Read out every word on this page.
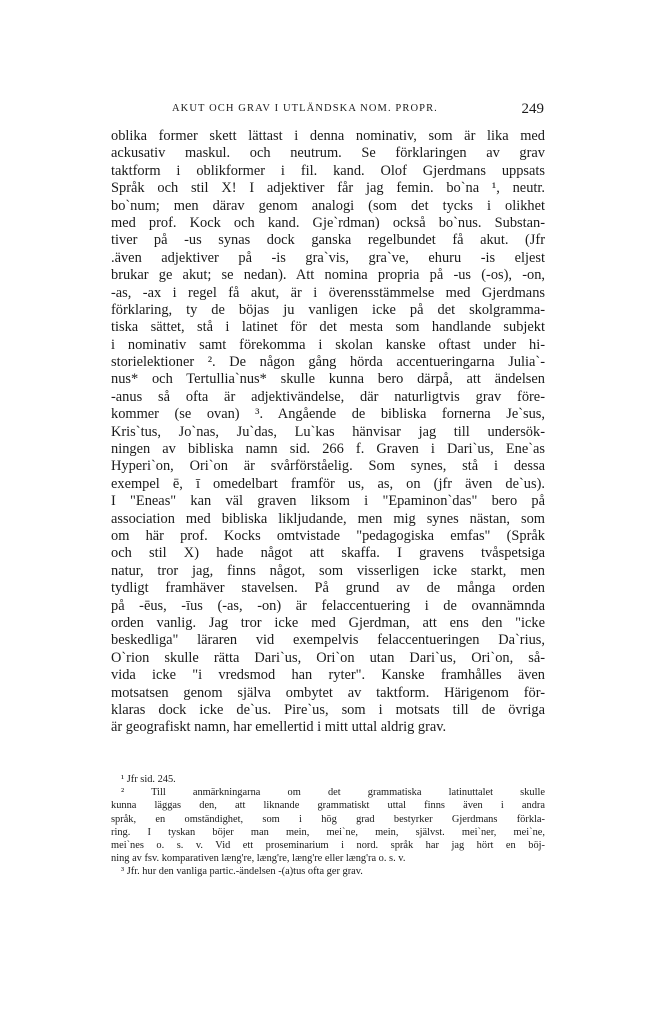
AKUT OCH GRAV I UTLÄNDSKA NOM. PROPR.	249
oblika former skett lättast i denna nominativ, som är lika med
ackusativ maskul. och neutrum. Se förklaringen av grav
taktform i oblikformer i fil. kand. Olof Gjerdmans uppsats
Språk och stil X! I adjektiver får jag femin. bo`na ¹, neutr.
bo`num; men därav genom analogi (som det tycks i olikhet
med prof. Kock och kand. Gje`rdman) också bo`nus. Substan-
tiver på -us synas dock ganska regelbundet få akut. (Jfr
.även adjektiver på -is gra`vis, gra`ve, ehuru -is eljest
brukar ge akut; se nedan). Att nomina propria på -us (-os), -on,
-as, -ax i regel få akut, är i överensstämmelse med Gjerdmans
förklaring, ty de böjas ju vanligen icke på det skolgramma-
tiska sättet, stå i latinet för det mesta som handlande subjekt
i nominativ samt förekomma i skolan kanske oftast under hi-
storielektioner ². De någon gång hörda accentueringarna Julia`-
nus* och Tertullia`nus* skulle kunna bero därpå, att ändelsen
-anus så ofta är adjektivändelse, där naturligtvis grav före-
kommer (se ovan) ³. Angående de bibliska fornerna Je`sus,
Kris`tus, Jo`nas, Ju`das, Lu`kas hänvisar jag till undersök-
ningen av bibliska namn sid. 266 f. Graven i Dari`us, Ene`as
Hyperi`on, Ori`on är svårförståelig. Som synes, stå i dessa
exempel ē, ī omedelbart framför us, as, on (jfr även de`us).
I "Eneas" kan väl graven liksom i "Epaminon`das" bero på
association med bibliska likljudande, men mig synes nästan, som
om här prof. Kocks omtvistade "pedagogiska emfas" (Språk
och stil X) hade något att skaffa. I gravens tvåspetsiga
natur, tror jag, finns något, som visserligen icke starkt, men
tydligt framhäver stavelsen. På grund av de många orden
på -ēus, -īus (-as, -on) är felaccentuering i de ovannämnda
orden vanlig. Jag tror icke med Gjerdman, att ens den "icke
beskedliga" läraren vid exempelvis felaccentueringen Da`rius,
O`rion skulle rätta Dari`us, Ori`on utan Dari`us, Ori`on, så-
vida icke "i vredsmod han ryter". Kanske framhålles även
motsatsen genom själva ombytet av taktform. Härigenom för-
klaras dock icke de`us. Pire`us, som i motsats till de övriga
är geografiskt namn, har emellertid i mitt uttal aldrig grav.
¹ Jfr sid. 245.
² Till anmärkningarna om det grammatiska latinuttalet skulle
kunna läggas den, att liknande grammatiskt uttal finns även i andra
språk, en omständighet, som i hög grad bestyrker Gjerdmans förkla-
ring. I tyskan böjer man mein, mei`ne, mein, självst. mei`ner, mei`ne,
mei`nes o. s. v. Vid ett proseminarium i nord. språk har jag hört en böj-
ning av fsv. komparativen læng're, læng're, læng're eller læng'ra o. s. v.
³ Jfr. hur den vanliga partic.-ändelsen -(a)tus ofta ger grav.
